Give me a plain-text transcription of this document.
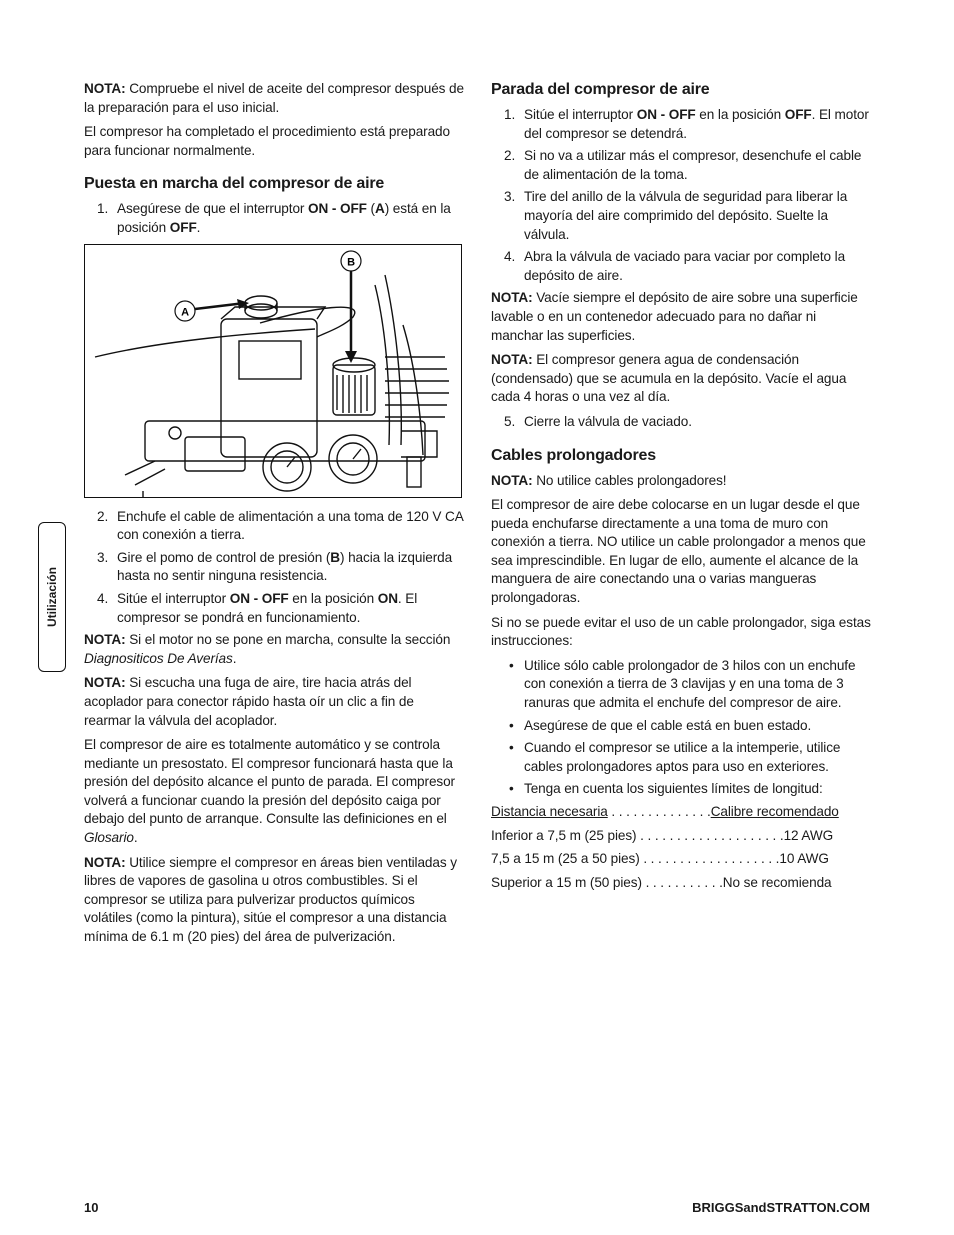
NOTA: Compruebe el nivel de aceite del compresor después de la preparación para el uso inicial.

El compresor ha completado el procedimiento está preparado para funcionar normalmente.

Puesta en marcha del compresor de aire
1. Asegúrese de que el interruptor ON - OFF (A) está en la posición OFF.
A
B
2. Enchufe el cable de alimentación a una toma de 120 V CA con conexión a tierra.
3. Gire el pomo de control de presión (B) hacia la izquierda hasta no sentir ninguna resistencia.
4. Sitúe el interruptor ON - OFF en la posición ON. El compresor se pondrá en funcionamiento.

NOTA: Si el motor no se pone en marcha, consulte la sección Diagnositicos De Averías.

NOTA: Si escucha una fuga de aire, tire hacia atrás del acoplador para conector rápido hasta oír un clic a fin de rearmar la válvula del acoplador.

El compresor de aire es totalmente automático y se controla mediante un presostato. El compresor funcionará hasta que la presión del depósito alcance el punto de parada. El compresor volverá a funcionar cuando la presión del depósito caiga por debajo del punto de arranque. Consulte las definiciones en el Glosario.

NOTA: Utilice siempre el compresor en áreas bien ventiladas y libres de vapores de gasolina u otros combustibles. Si el compresor se utiliza para pulverizar productos químicos volátiles (como la pintura), sitúe el compresor a una distancia mínima de 6.1 m (20 pies) del área de pulverización.

Parada del compresor de aire
1. Sitúe el interruptor ON - OFF en la posición OFF. El motor del compresor se detendrá.
2. Si no va a utilizar más el compresor, desenchufe el cable de alimentación de la toma.
3. Tire del anillo de la válvula de seguridad para liberar la mayoría del aire comprimido del depósito. Suelte la válvula.
4. Abra la válvula de vaciado para vaciar por completo la depósito de aire.

NOTA: Vacíe siempre el depósito de aire sobre una superficie lavable o en un contenedor adecuado para no dañar ni manchar las superficies.

NOTA: El compresor genera agua de condensación (condensado) que se acumula en la depósito. Vacíe el agua cada 4 horas o una vez al día.

5. Cierre la válvula de vaciado.
Cables prolongadores

NOTA: No utilice cables prolongadores!

El compresor de aire debe colocarse en un lugar desde el que pueda enchufarse directamente a una toma de muro con conexión a tierra. NO utilice un cable prolongador a menos que sea imprescindible. En lugar de ello, aumente el alcance de la manguera de aire conectando una o varias mangueras prolongadoras.

Si no se puede evitar el uso de un cable prolongador, siga estas instrucciones:

• Utilice sólo cable prolongador de 3 hilos con un enchufe con conexión a tierra de 3 clavijas y en una toma de 3 ranuras que admita el enchufe del compresor de aire.
• Asegúrese de que el cable está en buen estado.
• Cuando el compresor se utilice a la intemperie, utilice cables prolongadores aptos para uso en exteriores.
• Tenga en cuenta los siguientes límites de longitud:
Distancia necesaria . . . . . . . . . . . . . .Calibre recomendado
Inferior a 7,5 m (25 pies) . . . . . . . . . . . . . . . . . . . .12 AWG
7,5 a 15 m (25 a 50 pies) . . . . . . . . . . . . . . . . . . .10 AWG
Superior a 15 m (50 pies) . . . . . . . . . . .No se recomienda
Utilización
10	BRIGGSandSTRATTON.COM
